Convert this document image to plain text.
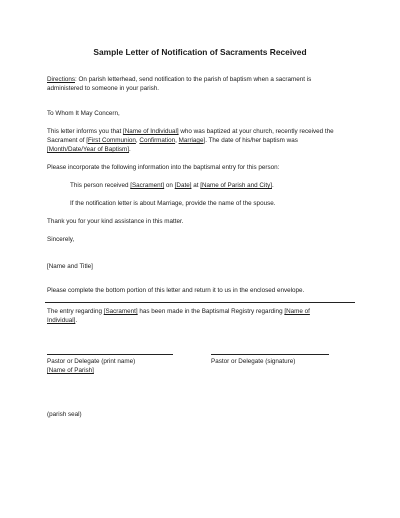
Sample Letter of Notification of Sacraments Received
Directions: On parish letterhead, send notification to the parish of baptism when a sacrament is
administered to someone in your parish.
To Whom It May Concern,
This letter informs you that [Name of Individual] who was baptized at your church, recently received the
Sacrament of [First Communion, Confirmation, Marriage]. The date of his/her baptism was
[Month/Date/Year of Baptism].
Please incorporate the following information into the baptismal entry for this person:
This person received [Sacrament] on [Date] at [Name of Parish and City].
If the notification letter is about Marriage, provide the name of the spouse.
Thank you for your kind assistance in this matter.
Sincerely,
[Name and Title]
Please complete the bottom portion of this letter and return it to us in the enclosed envelope.
The entry regarding [Sacrament] has been made in the Baptismal Registry regarding [Name of
Individual].
Pastor or Delegate (print name)	Pastor or Delegate (signature)
[Name of Parish]
(parish seal)
